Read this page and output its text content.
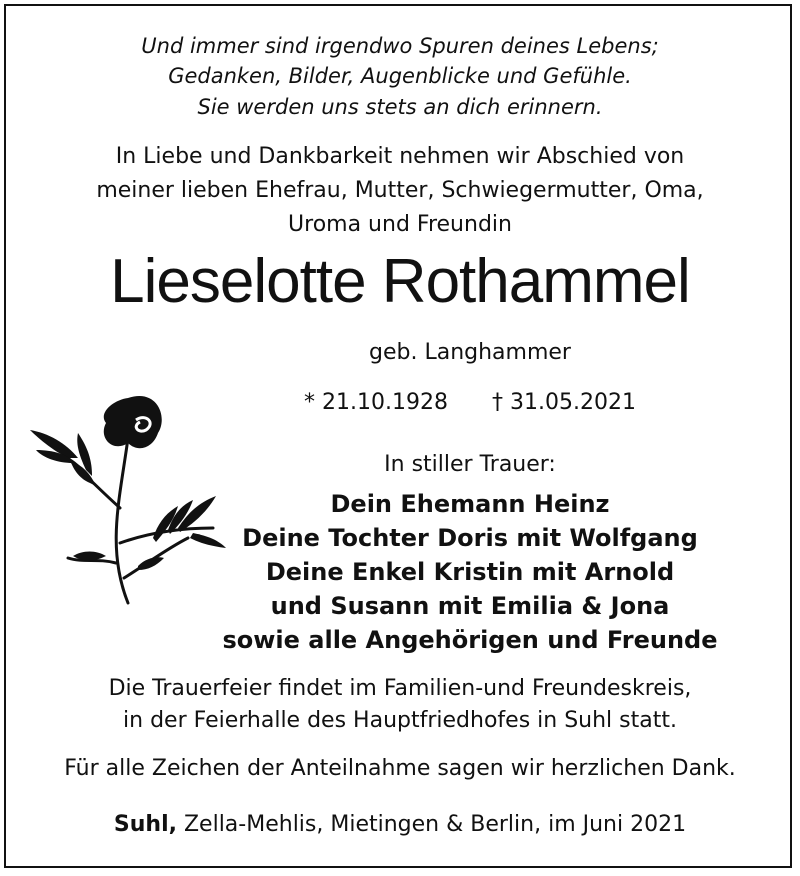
Und immer sind irgendwo Spuren deines Lebens;
Gedanken, Bilder, Augenblicke und Gefühle.
Sie werden uns stets an dich erinnern.
In Liebe und Dankbarkeit nehmen wir Abschied von
meiner lieben Ehefrau, Mutter, Schwiegermutter, Oma,
Uroma und Freundin
Lieselotte Rothammel
geb. Langhammer
* 21.10.1928 † 31.05.2021
In stiller Trauer:
Dein Ehemann Heinz
Deine Tochter Doris mit Wolfgang
Deine Enkel Kristin mit Arnold
und Susann mit Emilia & Jona
sowie alle Angehörigen und Freunde
Die Trauerfeier findet im Familien-und Freundeskreis,
in der Feierhalle des Hauptfriedhofes in Suhl statt.
Für alle Zeichen der Anteilnahme sagen wir herzlichen Dank.
Suhl, Zella-Mehlis, Mietingen & Berlin, im Juni 2021
